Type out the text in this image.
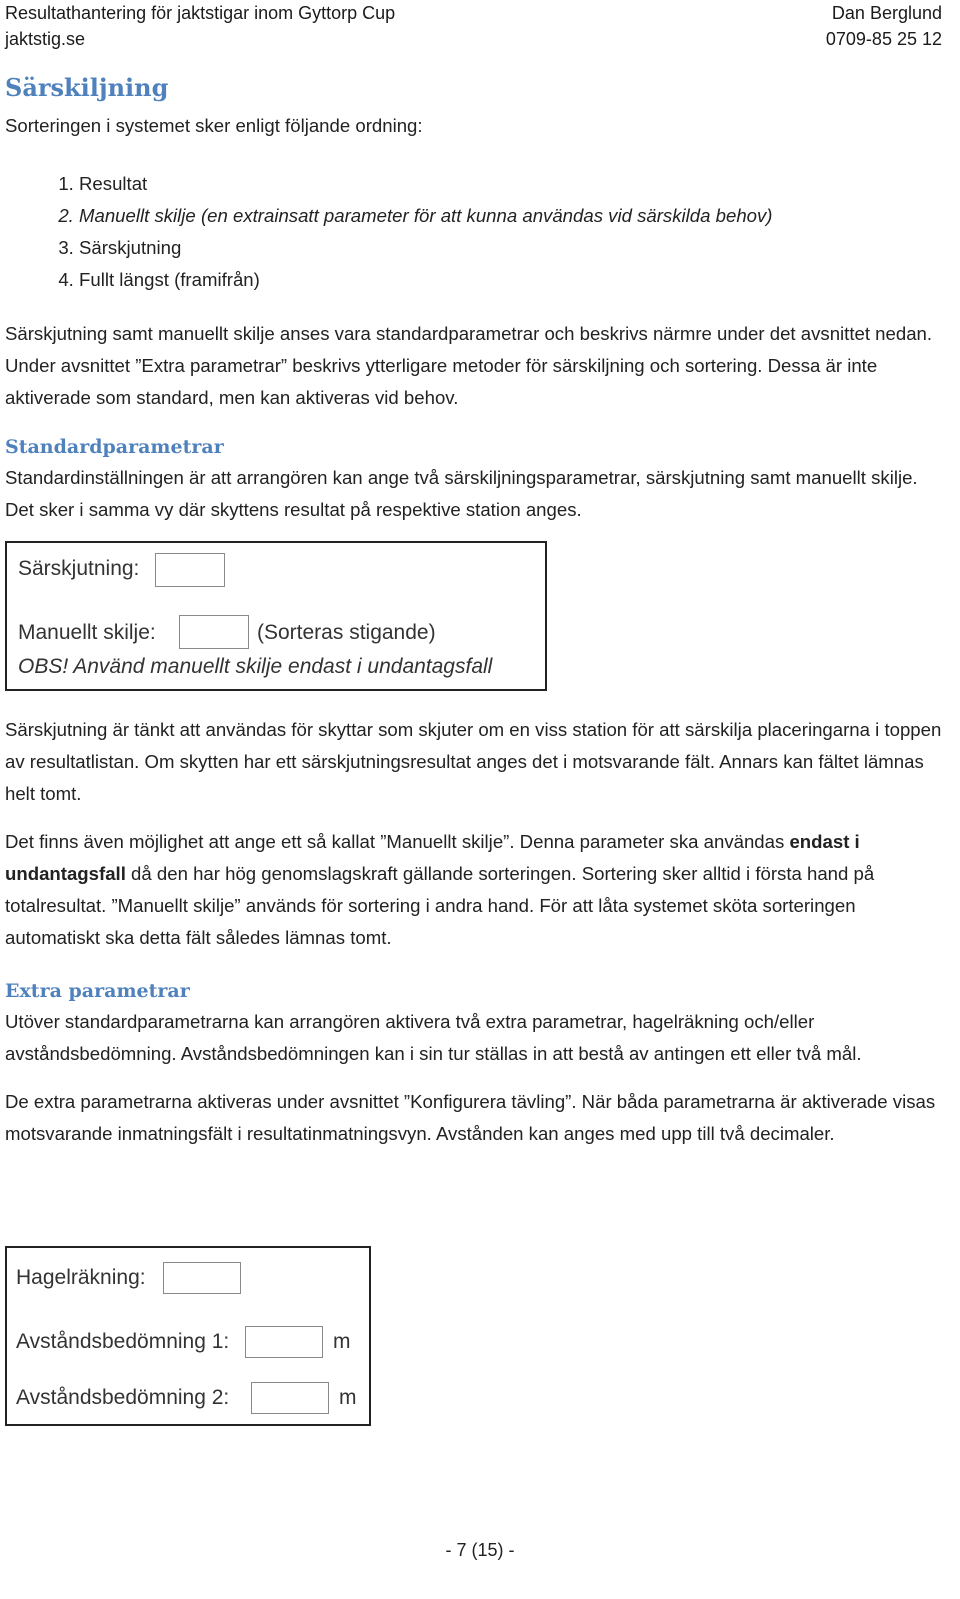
Resultathantering för jaktstigar inom Gyttorp Cup	Dan Berglund
jaktstig.se	0709-85 25 12
Särskiljning

Sorteringen i systemet sker enligt följande ordning:

1. Resultat
2. Manuellt skilje (en extrainsatt parameter för att kunna användas vid särskilda behov)
3. Särskjutning
4. Fullt längst (framifrån)

Särskjutning samt manuellt skilje anses vara standardparametrar och beskrivs närmre under det avsnittet nedan. Under avsnittet ”Extra parametrar” beskrivs ytterligare metoder för särskiljning och sortering. Dessa är inte aktiverade som standard, men kan aktiveras vid behov.

Standardparametrar

Standardinställningen är att arrangören kan ange två särskiljningsparametrar, särskjutning samt manuellt skilje. Det sker i samma vy där skyttens resultat på respektive station anges.

Särskjutning:
Manuellt skilje:	(Sorteras stigande)
OBS! Använd manuellt skilje endast i undantagsfall

Särskjutning är tänkt att användas för skyttar som skjuter om en viss station för att särskilja placeringarna i toppen av resultatlistan. Om skytten har ett särskjutningsresultat anges det i motsvarande fält. Annars kan fältet lämnas helt tomt.

Det finns även möjlighet att ange ett så kallat ”Manuellt skilje”. Denna parameter ska användas endast i undantagsfall då den har hög genomslagskraft gällande sorteringen. Sortering sker alltid i första hand på totalresultat. ”Manuellt skilje” används för sortering i andra hand. För att låta systemet sköta sorteringen automatiskt ska detta fält således lämnas tomt.

Extra parametrar

Utöver standardparametrarna kan arrangören aktivera två extra parametrar, hagelräkning och/eller avståndsbedömning. Avståndsbedömningen kan i sin tur ställas in att bestå av antingen ett eller två mål.

De extra parametrarna aktiveras under avsnittet ”Konfigurera tävling”. När båda parametrarna är aktiverade visas motsvarande inmatningsfält i resultatinmatningsvyn. Avstånden kan anges med upp till två decimaler.

Hagelräkning:
Avståndsbedömning 1:	m
Avståndsbedömning 2:	m
- 7 (15) -
